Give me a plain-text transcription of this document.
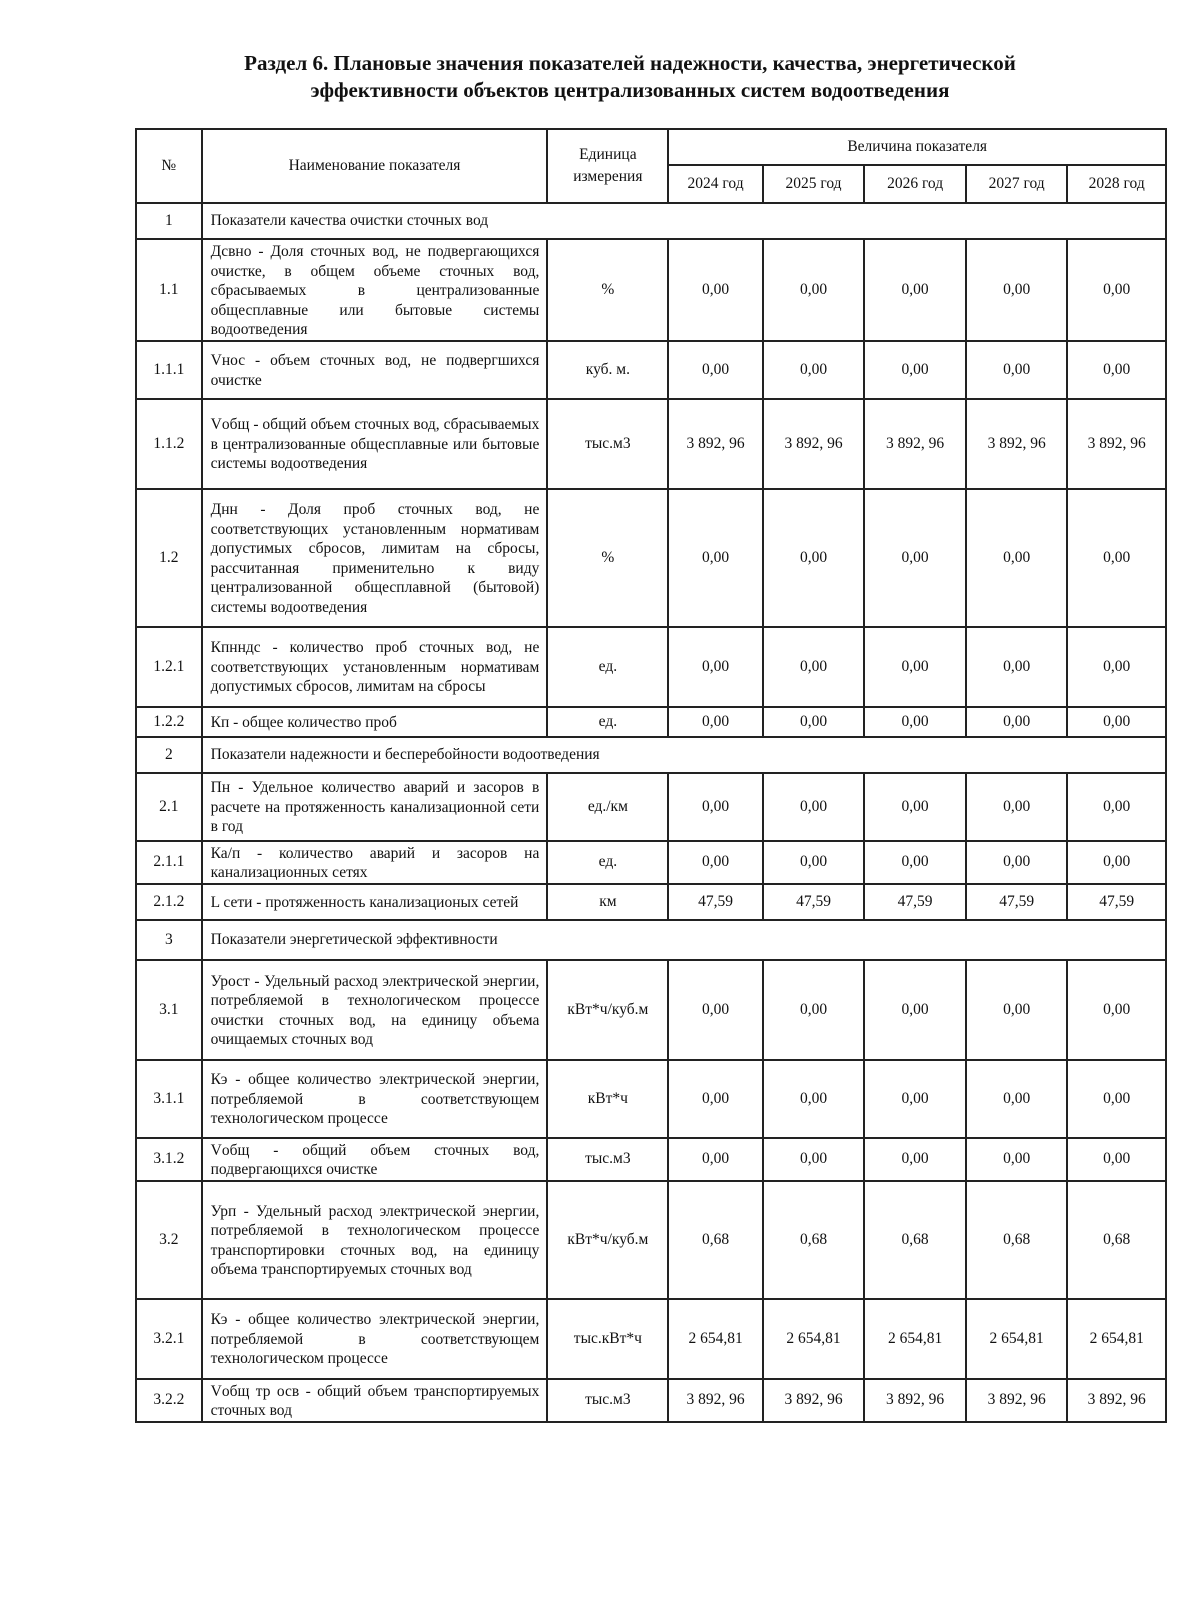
Раздел 6. Плановые значения показателей надежности, качества, энергетической
эффективности объектов централизованных систем водоотведения
№	Наименование показателя	Единица измерения	Величина показателя				
			2024 год	2025 год	2026 год	2027 год	2028 год
1	Показатели качества очистки сточных вод						
1.1	Дсвно - Доля сточных вод, не подвергающихся очистке, в общем объеме сточных вод, сбрасываемых в централизованные общесплавные или бытовые системы водоотведения	%	0,00	0,00	0,00	0,00	0,00
1.1.1	Vнос - объем сточных вод, не подвергшихся очистке	куб. м.	0,00	0,00	0,00	0,00	0,00
1.1.2	Vобщ - общий объем сточных вод, сбрасываемых в централизованные общесплавные или бытовые системы водоотведения	тыс.м3	3 892, 96	3 892, 96	3 892, 96	3 892, 96	3 892, 96
1.2	Днн - Доля проб сточных вод, не соответствующих установленным нормативам допустимых сбросов, лимитам на сбросы, рассчитанная применительно к виду централизованной общесплавной (бытовой) системы водоотведения	%	0,00	0,00	0,00	0,00	0,00
1.2.1	Кпнндс - количество проб сточных вод, не соответствующих установленным нормативам допустимых сбросов, лимитам на сбросы	ед.	0,00	0,00	0,00	0,00	0,00
1.2.2	Кп - общее количество проб	ед.	0,00	0,00	0,00	0,00	0,00
2	Показатели надежности и бесперебойности водоотведения						
2.1	Пн - Удельное количество аварий и засоров в расчете на протяженность канализационной сети в год	ед./км	0,00	0,00	0,00	0,00	0,00
2.1.1	Ка/п - количество аварий и засоров на канализационных сетях	ед.	0,00	0,00	0,00	0,00	0,00
2.1.2	L сети - протяженность канализационых сетей	км	47,59	47,59	47,59	47,59	47,59
3	Показатели энергетической эффективности						
3.1	Урост - Удельный расход электрической энергии, потребляемой в технологическом процессе очистки сточных вод, на единицу объема очищаемых сточных вод	кВт*ч/куб.м	0,00	0,00	0,00	0,00	0,00
3.1.1	Кэ - общее количество электрической энергии, потребляемой в соответствующем технологическом процессе	кВт*ч	0,00	0,00	0,00	0,00	0,00
3.1.2	Vобщ - общий объем сточных вод, подвергающихся очистке	тыс.м3	0,00	0,00	0,00	0,00	0,00
3.2	Урп - Удельный расход электрической энергии, потребляемой в технологическом процессе транспортировки сточных вод, на единицу объема транспортируемых сточных вод	кВт*ч/куб.м	0,68	0,68	0,68	0,68	0,68
3.2.1	Кэ - общее количество электрической энергии, потребляемой в соответствующем технологическом процессе	тыс.кВт*ч	2 654,81	2 654,81	2 654,81	2 654,81	2 654,81
3.2.2	Vобщ тр осв - общий объем транспортируемых сточных вод	тыс.м3	3 892, 96	3 892, 96	3 892, 96	3 892, 96	3 892, 96
